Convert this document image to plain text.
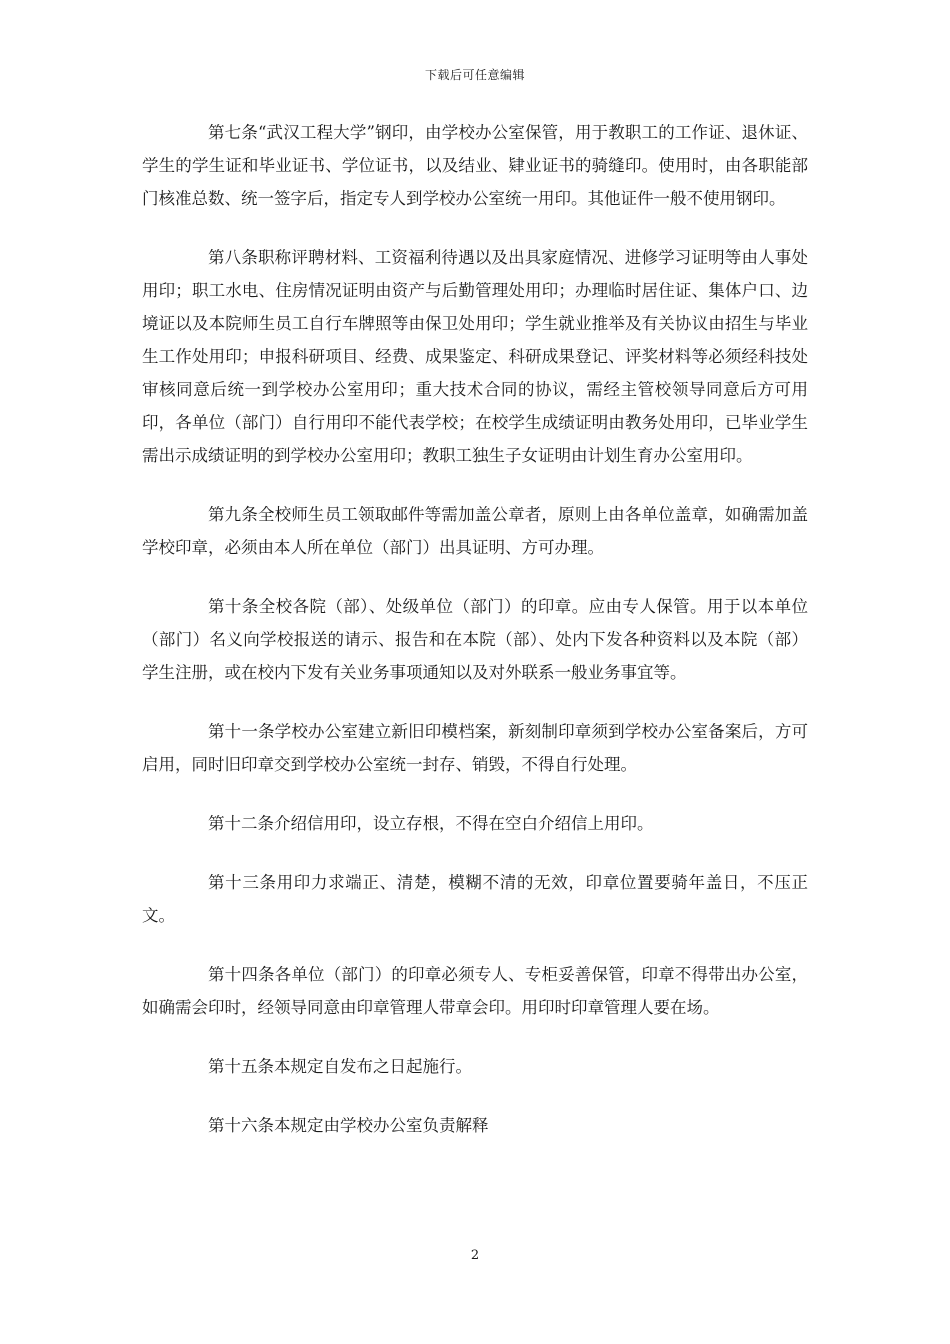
下载后可任意编辑

第七条“武汉工程大学”钢印，由学校办公室保管，用于教职工的工作证、退休证、学生的学生证和毕业证书、学位证书，以及结业、肄业证书的骑缝印。使用时，由各职能部门核准总数、统一签字后，指定专人到学校办公室统一用印。其他证件一般不使用钢印。

第八条职称评聘材料、工资福利待遇以及出具家庭情况、进修学习证明等由人事处用印；职工水电、住房情况证明由资产与后勤管理处用印；办理临时居住证、集体户口、边境证以及本院师生员工自行车牌照等由保卫处用印；学生就业推举及有关协议由招生与毕业生工作处用印；申报科研项目、经费、成果鉴定、科研成果登记、评奖材料等必须经科技处审核同意后统一到学校办公室用印；重大技术合同的协议，需经主管校领导同意后方可用印，各单位（部门）自行用印不能代表学校；在校学生成绩证明由教务处用印，已毕业学生需出示成绩证明的到学校办公室用印；教职工独生子女证明由计划生育办公室用印。

第九条全校师生员工领取邮件等需加盖公章者，原则上由各单位盖章，如确需加盖学校印章，必须由本人所在单位（部门）出具证明、方可办理。

第十条全校各院（部）、处级单位（部门）的印章。应由专人保管。用于以本单位（部门）名义向学校报送的请示、报告和在本院（部）、处内下发各种资料以及本院（部）学生注册，或在校内下发有关业务事项通知以及对外联系一般业务事宜等。

第十一条学校办公室建立新旧印模档案，新刻制印章须到学校办公室备案后，方可启用，同时旧印章交到学校办公室统一封存、销毁，不得自行处理。

第十二条介绍信用印，设立存根，不得在空白介绍信上用印。

第十三条用印力求端正、清楚，模糊不清的无效，印章位置要骑年盖日，不压正文。

第十四条各单位（部门）的印章必须专人、专柜妥善保管，印章不得带出办公室，如确需会印时，经领导同意由印章管理人带章会印。用印时印章管理人要在场。

第十五条本规定自发布之日起施行。

第十六条本规定由学校办公室负责解释

2
